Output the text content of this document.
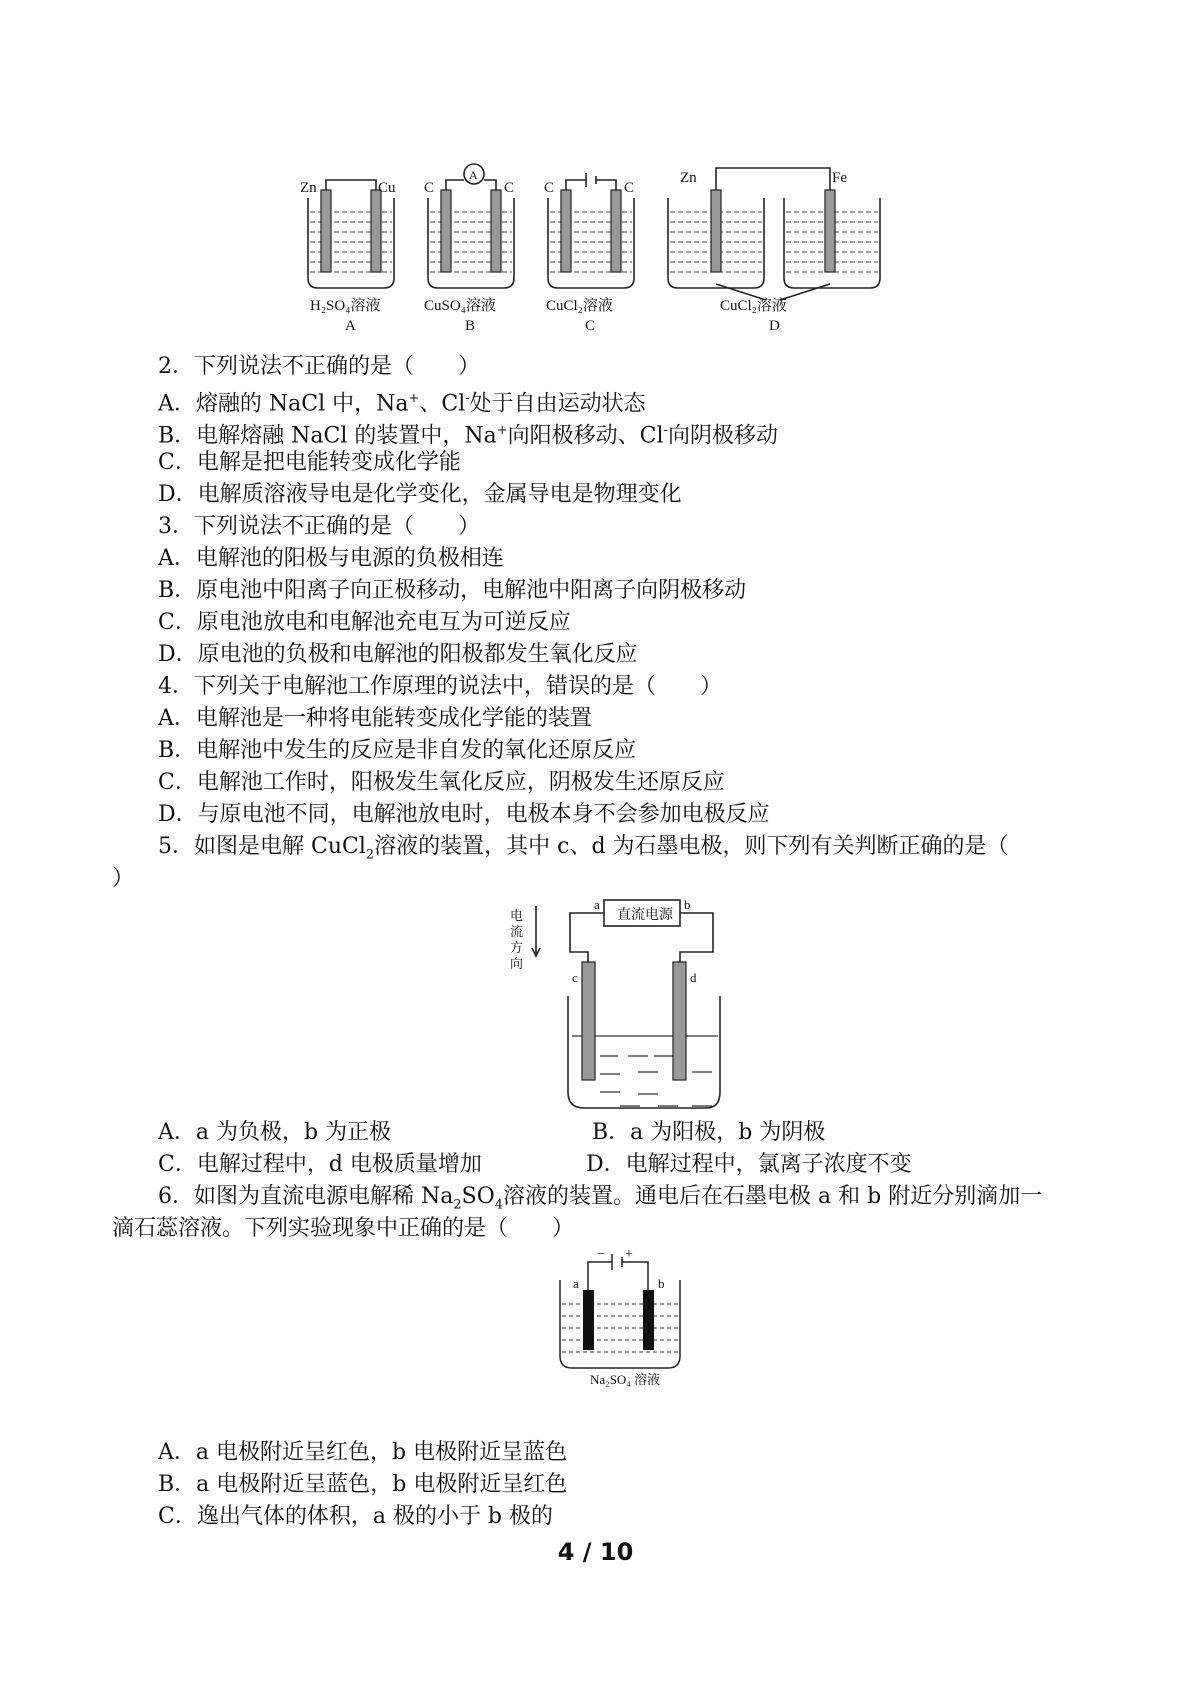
Zn	Cu C	C
A
C	C
Zn	Fe
H₂SO₄溶液	CuSO₄溶液	CuCl₂溶液	CuCl₂溶液
A	B	C	D
2．下列说法不正确的是（　　）
A．熔融的 NaCl 中，Na+、Cl-处于自由运动状态
B．电解熔融 NaCl 的装置中，Na+向阳极移动、Cl-向阴极移动
C．电解是把电能转变成化学能
D．电解质溶液导电是化学变化，金属导电是物理变化
3．下列说法不正确的是（　　）
A．电解池的阳极与电源的负极相连
B．原电池中阳离子向正极移动，电解池中阳离子向阴极移动
C．原电池放电和电解池充电互为可逆反应
D．原电池的负极和电解池的阳极都发生氧化反应
4．下列关于电解池工作原理的说法中，错误的是（　　）
A．电解池是一种将电能转变成化学能的装置
B．电解池中发生的反应是非自发的氧化还原反应
C．电解池工作时，阳极发生氧化反应，阴极发生还原反应
D．与原电池不同，电解池放电时，电极本身不会参加电极反应
5．如图是电解 CuCl$_2$溶液的装置，其中 c、d 为石墨电极，则下列有关判断正确的是（
）
直流电源
a	b
c	d
电
流
方
向
A．a 为负极，b 为正极	B．a 为阳极，b 为阴极
C．电解过程中，d 电极质量增加	D．电解过程中，氯离子浓度不变
6．如图为直流电源电解稀 $Na_2SO_4$溶液的装置。通电后在石墨电极 a 和 b 附近分别滴加一
滴石蕊溶液。下列实验现象中正确的是（　　）
− +
a	b
Na₂SO₄ 溶液
A．a 电极附近呈红色，b 电极附近呈蓝色
B．a 电极附近呈蓝色，b 电极附近呈红色
C．逸出气体的体积，a 极的小于 b 极的
4 / 10
